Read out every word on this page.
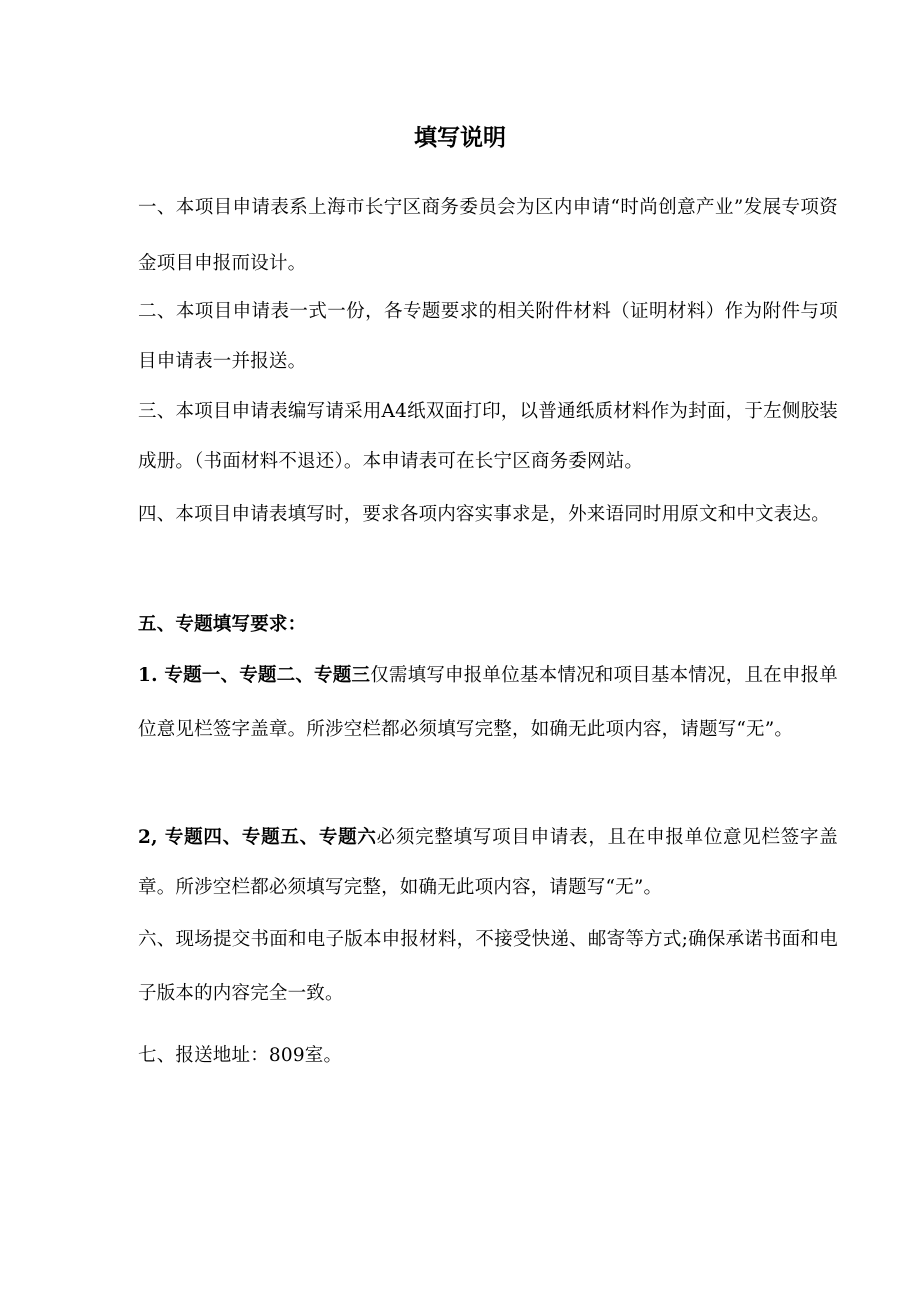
填写说明

一、本项目申请表系上海市长宁区商务委员会为区内申请“时尚创意产业”发展专项资金项目申报而设计。

二、本项目申请表一式一份，各专题要求的相关附件材料（证明材料）作为附件与项目申请表一并报送。

三、本项目申请表编写请采用A4纸双面打印，以普通纸质材料作为封面，于左侧胶装成册。（书面材料不退还）。本申请表可在长宁区商务委网站。

四、本项目申请表填写时，要求各项内容实事求是，外来语同时用原文和中文表达。

五、专题填写要求：

1. 专题一、专题二、专题三仅需填写申报单位基本情况和项目基本情况，且在申报单位意见栏签字盖章。所涉空栏都必须填写完整，如确无此项内容，请题写“无”。

2, 专题四、专题五、专题六必须完整填写项目申请表，且在申报单位意见栏签字盖章。所涉空栏都必须填写完整，如确无此项内容，请题写“无”。

六、现场提交书面和电子版本申报材料，不接受快递、邮寄等方式;确保承诺书面和电子版本的内容完全一致。

七、报送地址：809室。
